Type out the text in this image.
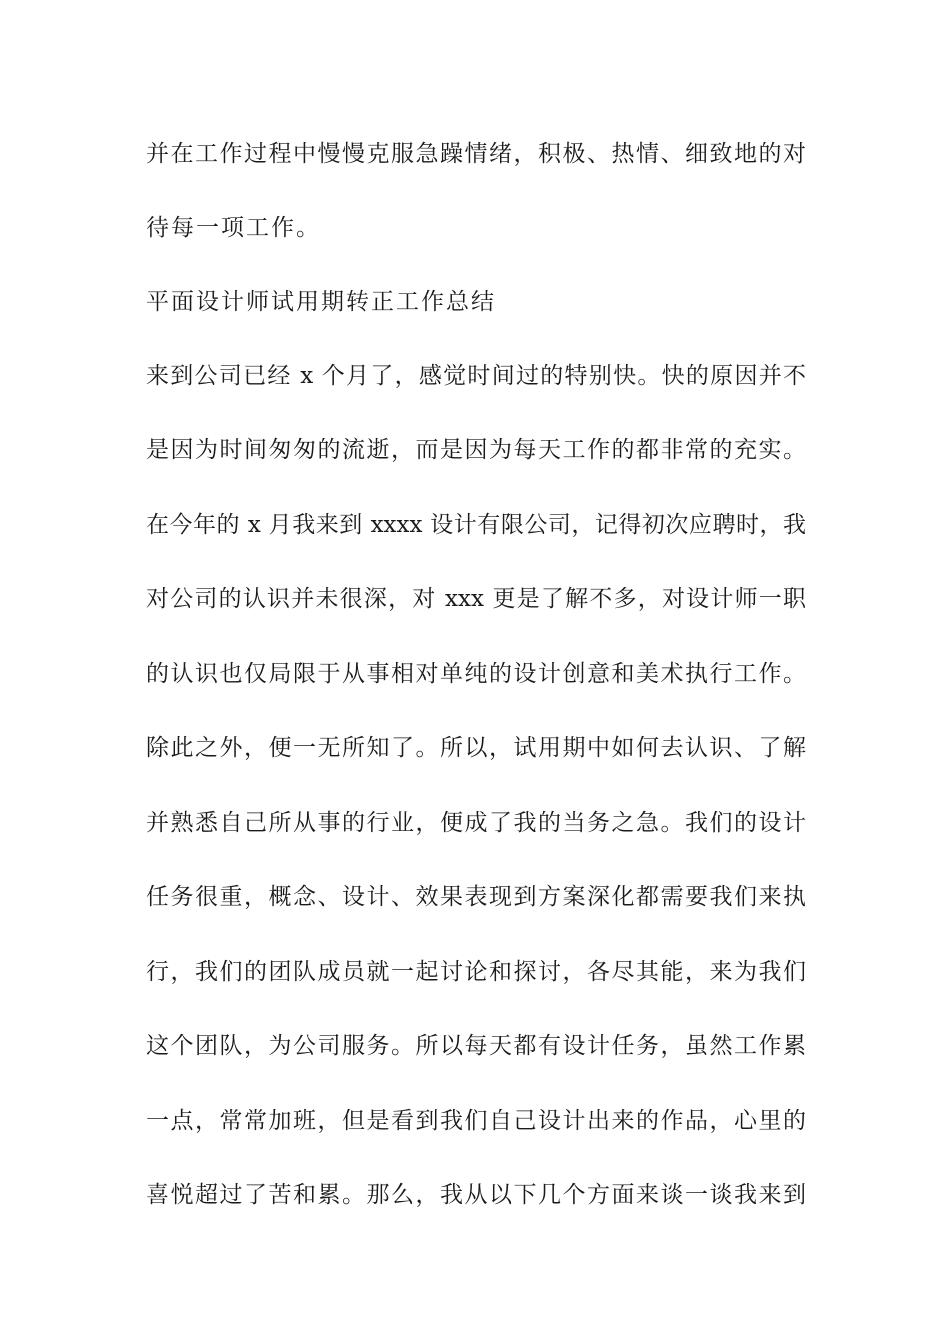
并在工作过程中慢慢克服急躁情绪，积极、热情、细致地的对
待每一项工作。
平面设计师试用期转正工作总结
来到公司已经 x 个月了，感觉时间过的特别快。快的原因并不
是因为时间匆匆的流逝，而是因为每天工作的都非常的充实。
在今年的 x 月我来到 xxxx 设计有限公司，记得初次应聘时，我
对公司的认识并未很深，对 xxx 更是了解不多，对设计师一职
的认识也仅局限于从事相对单纯的设计创意和美术执行工作。
除此之外，便一无所知了。所以，试用期中如何去认识、了解
并熟悉自己所从事的行业，便成了我的当务之急。我们的设计
任务很重，概念、设计、效果表现到方案深化都需要我们来执
行，我们的团队成员就一起讨论和探讨，各尽其能，来为我们
这个团队，为公司服务。所以每天都有设计任务，虽然工作累
一点，常常加班，但是看到我们自己设计出来的作品，心里的
喜悦超过了苦和累。那么，我从以下几个方面来谈一谈我来到
